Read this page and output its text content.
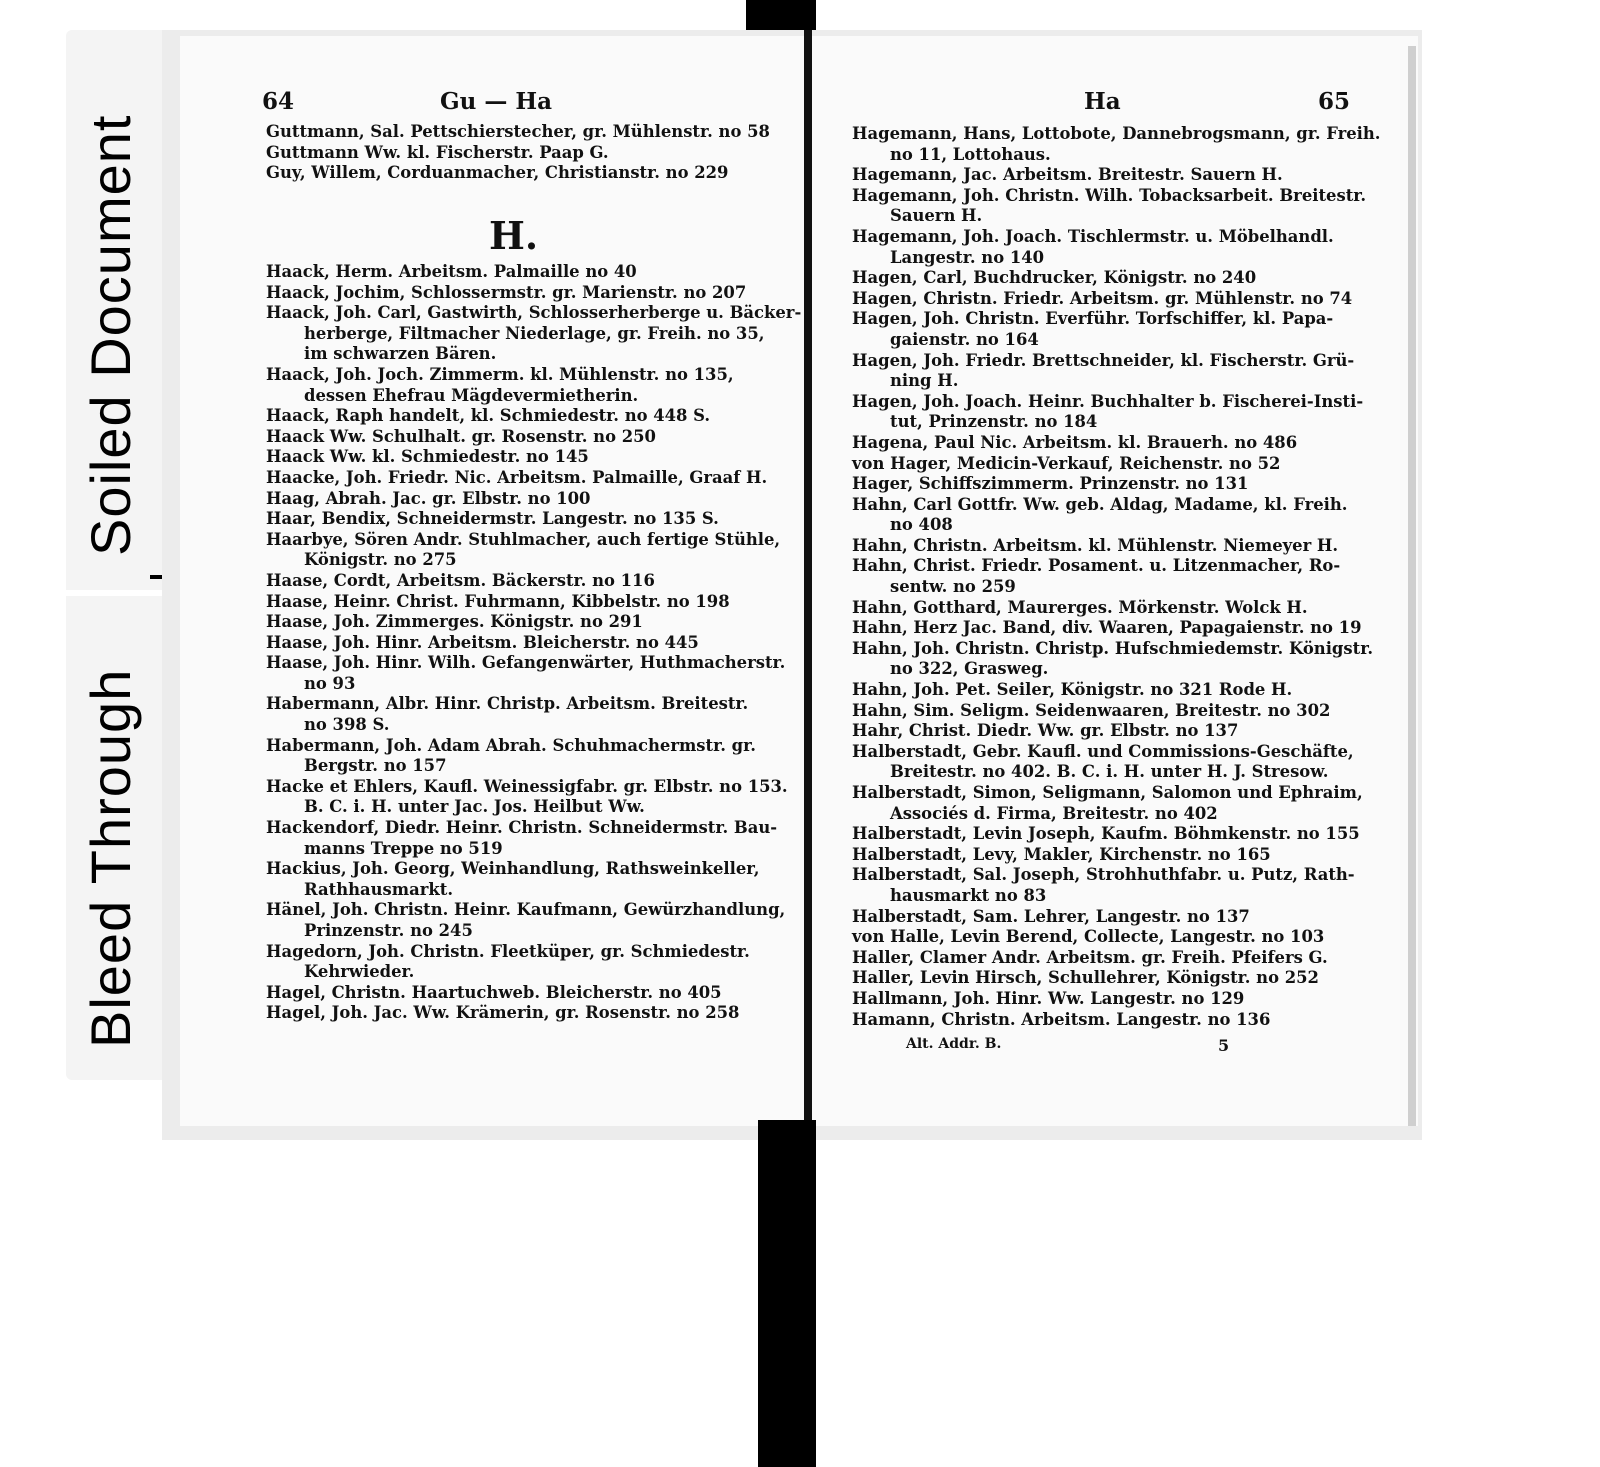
Bleed Through
Soiled Document
64	Gu — Ha
Guttmann, Sal. Pettschierstecher, gr. Mühlenstr. no 58
Guttmann Ww. kl. Fischerstr. Paap G.
Guy, Willem, Corduanmacher, Christianstr. no 229
H.
Haack, Herm. Arbeitsm. Palmaille no 40
Haack, Jochim, Schlossermstr. gr. Marienstr. no 207
Haack, Joh. Carl, Gastwirth, Schlosserherberge u. Bäcker-
herberge, Filtmacher Niederlage, gr. Freih. no 35,
im schwarzen Bären.
Haack, Joh. Joch. Zimmerm. kl. Mühlenstr. no 135,
dessen Ehefrau Mägdevermietherin.
Haack, Raph handelt, kl. Schmiedestr. no 448 S.
Haack Ww. Schulhalt. gr. Rosenstr. no 250
Haack Ww. kl. Schmiedestr. no 145
Haacke, Joh. Friedr. Nic. Arbeitsm. Palmaille, Graaf H.
Haag, Abrah. Jac. gr. Elbstr. no 100
Haar, Bendix, Schneidermstr. Langestr. no 135 S.
Haarbye, Sören Andr. Stuhlmacher, auch fertige Stühle,
Königstr. no 275
Haase, Cordt, Arbeitsm. Bäckerstr. no 116
Haase, Heinr. Christ. Fuhrmann, Kibbelstr. no 198
Haase, Joh. Zimmerges. Königstr. no 291
Haase, Joh. Hinr. Arbeitsm. Bleicherstr. no 445
Haase, Joh. Hinr. Wilh. Gefangenwärter, Huthmacherstr.
no 93
Habermann, Albr. Hinr. Christp. Arbeitsm. Breitestr.
no 398 S.
Habermann, Joh. Adam Abrah. Schuhmachermstr. gr.
Bergstr. no 157
Hacke et Ehlers, Kaufl. Weinessigfabr. gr. Elbstr. no 153.
B. C. i. H. unter Jac. Jos. Heilbut Ww.
Hackendorf, Diedr. Heinr. Christn. Schneidermstr. Bau-
manns Treppe no 519
Hackius, Joh. Georg, Weinhandlung, Rathsweinkeller,
Rathhausmarkt.
Hänel, Joh. Christn. Heinr. Kaufmann, Gewürzhandlung,
Prinzenstr. no 245
Hagedorn, Joh. Christn. Fleetküper, gr. Schmiedestr.
Kehrwieder.
Hagel, Christn. Haartuchweb. Bleicherstr. no 405
Hagel, Joh. Jac. Ww. Krämerin, gr. Rosenstr. no 258
Ha	65
Hagemann, Hans, Lottobote, Dannebrogsmann, gr. Freih.
no 11, Lottohaus.
Hagemann, Jac. Arbeitsm. Breitestr. Sauern H.
Hagemann, Joh. Christn. Wilh. Tobacksarbeit. Breitestr.
Sauern H.
Hagemann, Joh. Joach. Tischlermstr. u. Möbelhandl.
Langestr. no 140
Hagen, Carl, Buchdrucker, Königstr. no 240
Hagen, Christn. Friedr. Arbeitsm. gr. Mühlenstr. no 74
Hagen, Joh. Christn. Everführ. Torfschiffer, kl. Papa-
gaienstr. no 164
Hagen, Joh. Friedr. Brettschneider, kl. Fischerstr. Grü-
ning H.
Hagen, Joh. Joach. Heinr. Buchhalter b. Fischerei-Insti-
tut, Prinzenstr. no 184
Hagena, Paul Nic. Arbeitsm. kl. Brauerh. no 486
von Hager, Medicin-Verkauf, Reichenstr. no 52
Hager, Schiffszimmerm. Prinzenstr. no 131
Hahn, Carl Gottfr. Ww. geb. Aldag, Madame, kl. Freih.
no 408
Hahn, Christn. Arbeitsm. kl. Mühlenstr. Niemeyer H.
Hahn, Christ. Friedr. Posament. u. Litzenmacher, Ro-
sentw. no 259
Hahn, Gotthard, Maurerges. Mörkenstr. Wolck H.
Hahn, Herz Jac. Band, div. Waaren, Papagaienstr. no 19
Hahn, Joh. Christn. Christp. Hufschmiedemstr. Königstr.
no 322, Grasweg.
Hahn, Joh. Pet. Seiler, Königstr. no 321 Rode H.
Hahn, Sim. Seligm. Seidenwaaren, Breitestr. no 302
Hahr, Christ. Diedr. Ww. gr. Elbstr. no 137
Halberstadt, Gebr. Kaufl. und Commissions-Geschäfte,
Breitestr. no 402. B. C. i. H. unter H. J. Stresow.
Halberstadt, Simon, Seligmann, Salomon und Ephraim,
Associés d. Firma, Breitestr. no 402
Halberstadt, Levin Joseph, Kaufm. Böhmkenstr. no 155
Halberstadt, Levy, Makler, Kirchenstr. no 165
Halberstadt, Sal. Joseph, Strohhuthfabr. u. Putz, Rath-
hausmarkt no 83
Halberstadt, Sam. Lehrer, Langestr. no 137
von Halle, Levin Berend, Collecte, Langestr. no 103
Haller, Clamer Andr. Arbeitsm. gr. Freih. Pfeifers G.
Haller, Levin Hirsch, Schullehrer, Königstr. no 252
Hallmann, Joh. Hinr. Ww. Langestr. no 129
Hamann, Christn. Arbeitsm. Langestr. no 136
Alt. Addr. B.	5
